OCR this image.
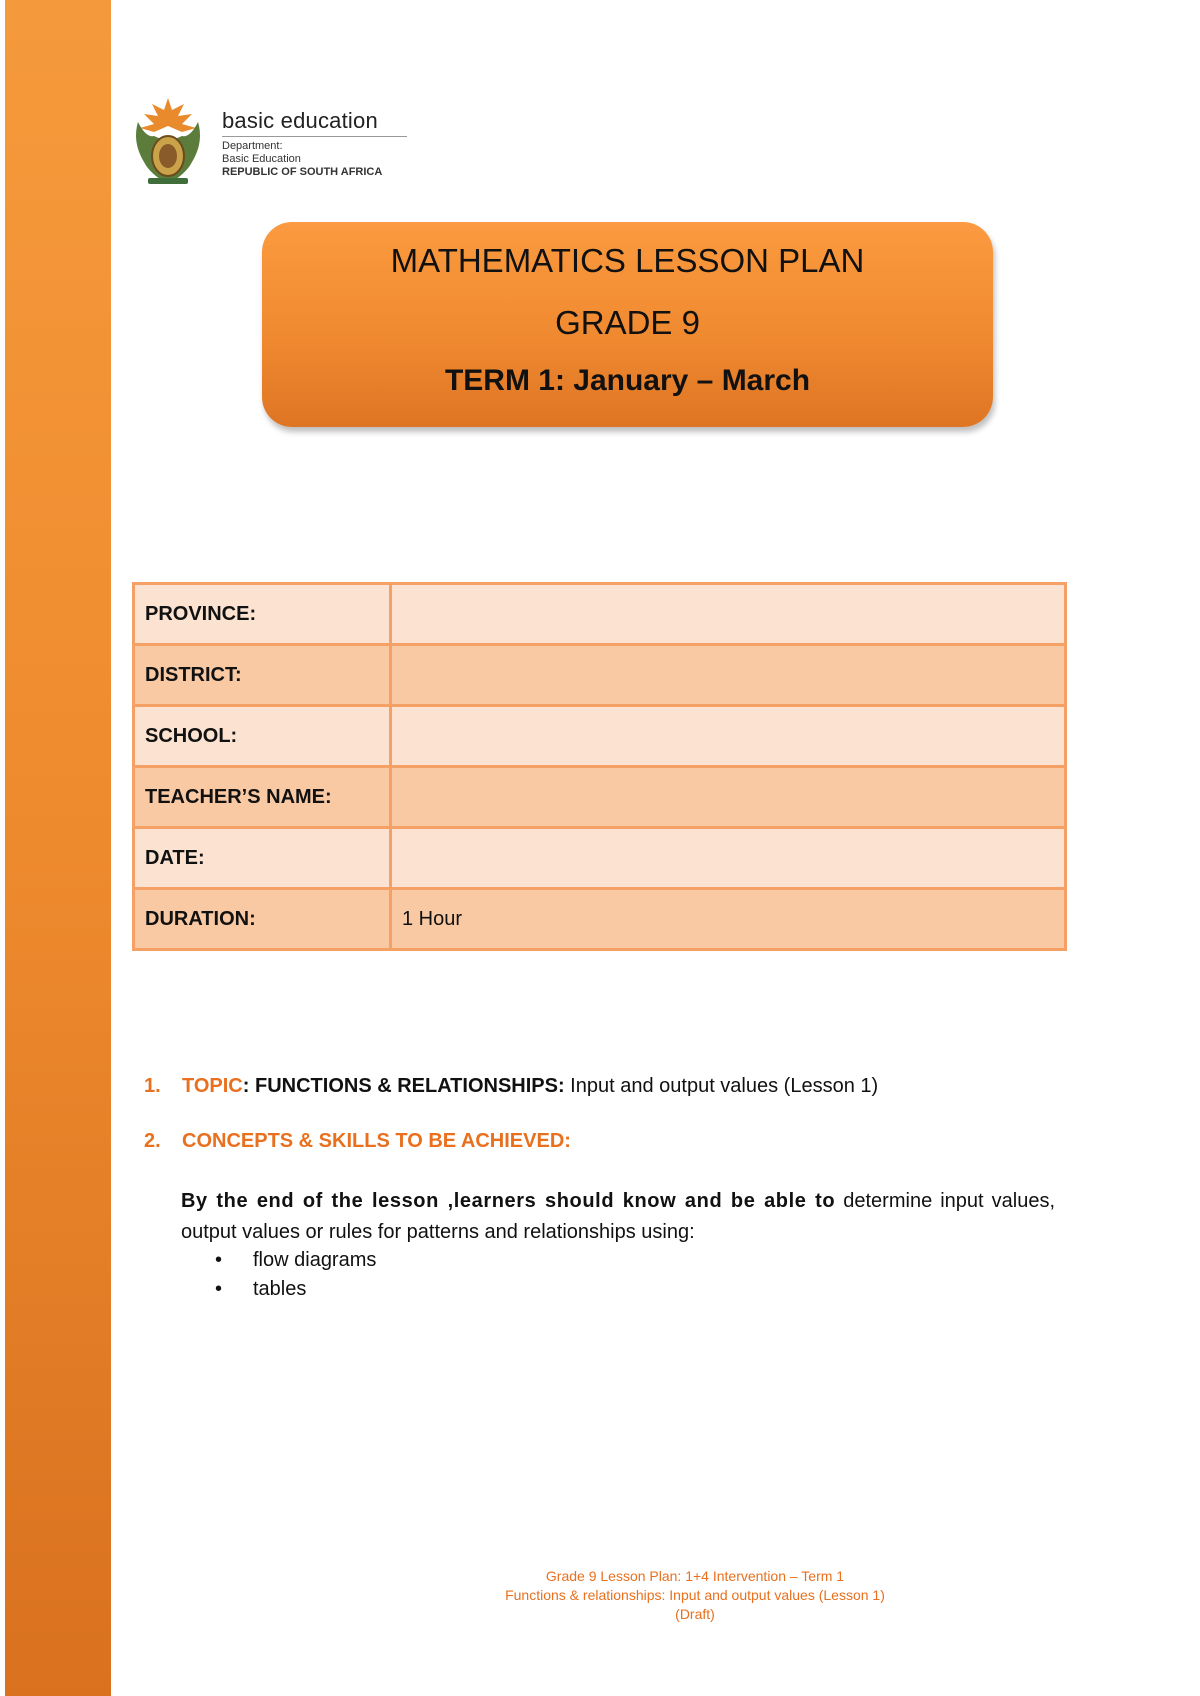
basic education
Department:
Basic Education
REPUBLIC OF SOUTH AFRICA
MATHEMATICS LESSON PLAN
GRADE 9
TERM 1: January – March
PROVINCE:	
DISTRICT:	
SCHOOL:	
TEACHER’S NAME:	
DATE:	
DURATION:	1 Hour
1. TOPIC: FUNCTIONS & RELATIONSHIPS: Input and output values (Lesson 1)
2. CONCEPTS & SKILLS TO BE ACHIEVED:
By the end of the lesson ,learners should know and be able to determine input values, output values or rules for patterns and relationships using:
• flow diagrams
• tables
Grade 9 Lesson Plan: 1+4 Intervention – Term 1
Functions & relationships: Input and output values (Lesson 1)
(Draft)
